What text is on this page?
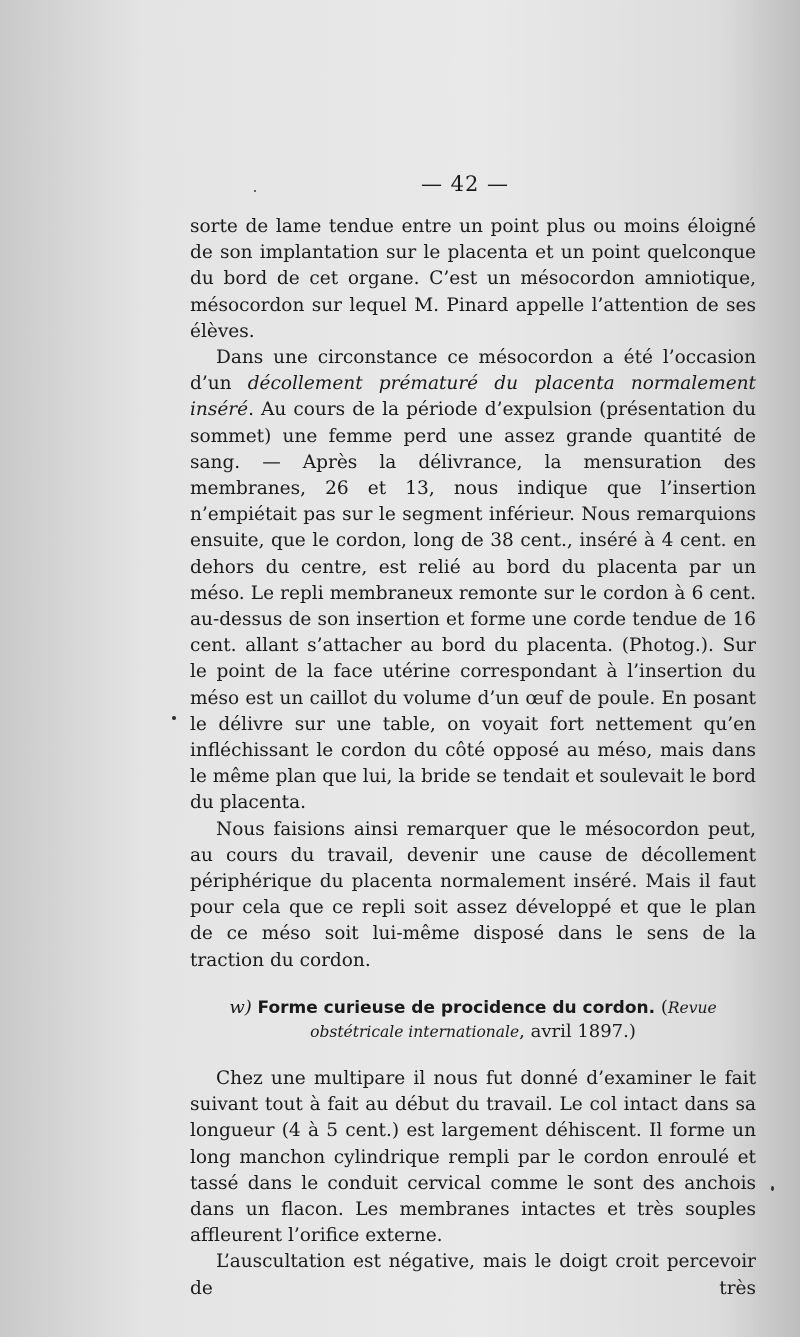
— 42 —

sorte de lame tendue entre un point plus ou moins éloigné de son implantation sur le placenta et un point quelconque du bord de cet organe. C’est un mésocordon amniotique, mésocordon sur lequel M. Pinard appelle l’attention de ses élèves.

Dans une circonstance ce mésocordon a été l’occasion d’un décollement prématuré du placenta normalement inséré. Au cours de la période d’expulsion (présentation du sommet) une femme perd une assez grande quantité de sang. — Après la délivrance, la mensuration des membranes, 26 et 13, nous indique que l’insertion n’empiétait pas sur le segment inférieur. Nous remarquions ensuite, que le cordon, long de 38 cent., inséré à 4 cent. en dehors du centre, est relié au bord du placenta par un méso. Le repli membraneux remonte sur le cordon à 6 cent. au-dessus de son insertion et forme une corde tendue de 16 cent. allant s’attacher au bord du placenta. (Photog.). Sur le point de la face utérine correspondant à l’insertion du méso est un caillot du volume d’un œuf de poule. En posant le délivre sur une table, on voyait fort nettement qu’en infléchissant le cordon du côté opposé au méso, mais dans le même plan que lui, la bride se tendait et soulevait le bord du placenta.

Nous faisions ainsi remarquer que le mésocordon peut, au cours du travail, devenir une cause de décollement périphérique du placenta normalement inséré. Mais il faut pour cela que ce repli soit assez développé et que le plan de ce méso soit lui-même disposé dans le sens de la traction du cordon.

w) Forme curieuse de procidence du cordon. (Revue obstétricale internationale, avril 1897.)

Chez une multipare il nous fut donné d’examiner le fait suivant tout à fait au début du travail. Le col intact dans sa longueur (4 à 5 cent.) est largement déhiscent. Il forme un long manchon cylindrique rempli par le cordon enroulé et tassé dans le conduit cervical comme le sont des anchois dans un flacon. Les membranes intactes et très souples affleurent l’orifice externe.

L’auscultation est négative, mais le doigt croit percevoir de très
